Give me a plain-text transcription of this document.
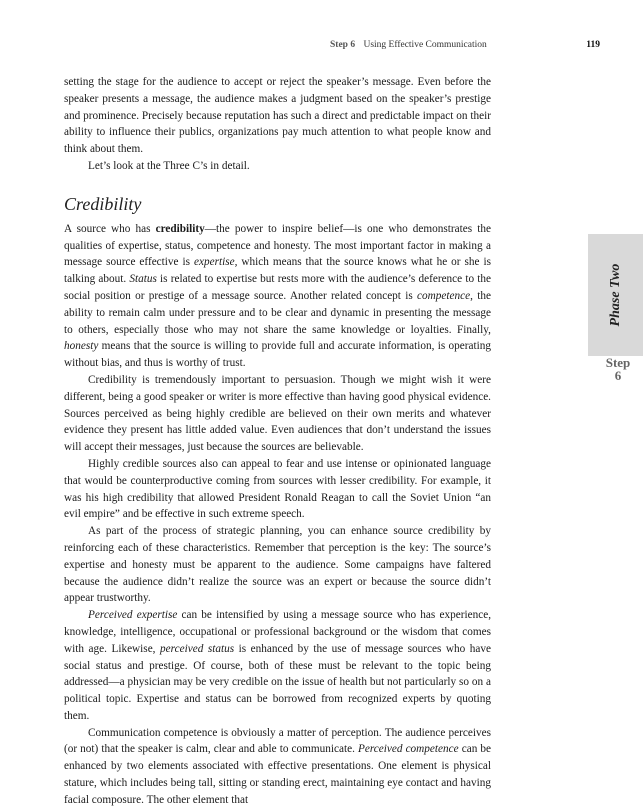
Step 6 Using Effective Communication	119
Phase Two
Step
6

setting the stage for the audience to accept or reject the speaker’s message. Even before the speaker presents a message, the audience makes a judgment based on the speaker’s prestige and prominence. Precisely because reputation has such a direct and predictable impact on their ability to influence their publics, organizations pay much attention to what people know and think about them.

Let’s look at the Three C’s in detail.

Credibility

A source who has credibility—the power to inspire belief—is one who demonstrates the qualities of expertise, status, competence and honesty. The most important factor in making a message source effective is expertise, which means that the source knows what he or she is talking about. Status is related to expertise but rests more with the audience’s deference to the social position or prestige of a message source. Another related concept is competence, the ability to remain calm under pressure and to be clear and dynamic in presenting the message to others, especially those who may not share the same knowledge or loyalties. Finally, honesty means that the source is willing to provide full and accurate information, is operating without bias, and thus is worthy of trust.

Credibility is tremendously important to persuasion. Though we might wish it were different, being a good speaker or writer is more effective than having good physical evidence. Sources perceived as being highly credible are believed on their own merits and whatever evidence they present has little added value. Even audiences that don’t understand the issues will accept their messages, just because the sources are believable.

Highly credible sources also can appeal to fear and use intense or opinionated language that would be counterproductive coming from sources with lesser credibility. For example, it was his high credibility that allowed President Ronald Reagan to call the Soviet Union “an evil empire” and be effective in such extreme speech.

As part of the process of strategic planning, you can enhance source credibility by reinforcing each of these characteristics. Remember that perception is the key: The source’s expertise and honesty must be apparent to the audience. Some campaigns have faltered because the audience didn’t realize the source was an expert or because the source didn’t appear trustworthy.

Perceived expertise can be intensified by using a message source who has experience, knowledge, intelligence, occupational or professional background or the wisdom that comes with age. Likewise, perceived status is enhanced by the use of message sources who have social status and prestige. Of course, both of these must be relevant to the topic being addressed—a physician may be very credible on the issue of health but not particularly so on a political topic. Expertise and status can be borrowed from recognized experts by quoting them.

Communication competence is obviously a matter of perception. The audience perceives (or not) that the speaker is calm, clear and able to communicate. Perceived competence can be enhanced by two elements associated with effective presentations. One element is physical stature, which includes being tall, sitting or standing erect, maintaining eye contact and having facial composure. The other element that
